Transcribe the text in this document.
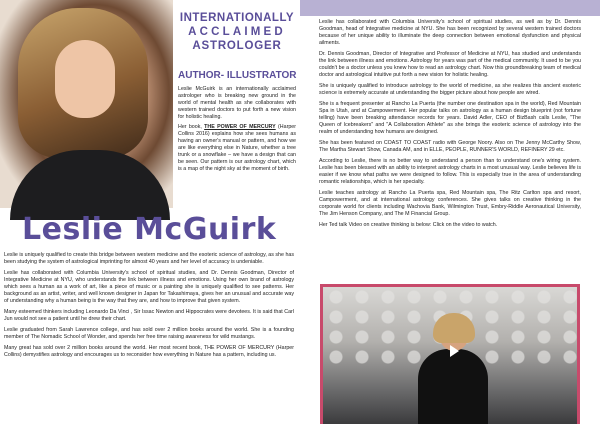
INTERNATIONALLY
ACCLAIMED
ASTROLOGER
AUTHOR- ILLUSTRATOR

Leslie McGuirk is an internationally acclaimed astrologer who is breaking new ground in the world of mental health as she collaborates with western trained doctors to put forth a new vision for holistic healing.

Her book, THE POWER OF MERCURY (Harper Collins 2016) explains how she sees humans as having an owner's manual or pattern, and how we are like everything else in Nature, whether a tree trunk or a snowflake – we have a design that can be seen. Our pattern is our astrology chart, which is a map of the night sky at the moment of birth.

Leslie McGuirk

Leslie is uniquely qualified to create this bridge between western medicine and the esoteric science of astrology, as she has been studying the system of astrological imprinting for almost 40 years and her level of accuracy is undeniable.

Leslie has collaborated with Columbia University's school of spiritual studies, and Dr. Dennis Goodman, Director of Integrative Medicine at NYU, who understands the link between illness and emotions. Using her own brand of astrology which sees a human as a work of art, like a piece of music or a painting she is uniquely qualified to see patterns. Her background as an artist, writer, and well known designer in Japan for Takashimaya, gives her an unusual and accurate way of understanding why a human being is the way that they are, and how to improve that given system.

Many esteemed thinkers including Leonardo Da Vinci , Sir Issac Newton and Hippocrates were devotees. It is said that Carl Jun would not see a patient until he drew their chart.

Leslie graduated from Sarah Lawrence college, and has sold over 2 million books around the world. She is a founding member of The Nomadic School of Wonder, and spends her free time raising awareness for wild mustangs.

Many great has sold over 2 million books around the world. Her most recent book, THE POWER OF MERCURY (Harper Collins) demystifies astrology and encourages us to reconsider how everything in Nature has a pattern, including us.

Leslie has collaborated with Columbia University's school of spiritual studies, as well as by Dr. Dennis Goodman, head of Integrative medicine at NYU. She has been recognized by several western trained doctors because of her unique ability to illuminate the deep connection between emotional dysfunction and physical ailments.

Dr. Dennis Goodman, Director of Integrative and Professor of Medicine at NYU, has studied and understands the link between illness and emotions. Astrology for years was part of the medical community. It used to be you couldn't be a doctor unless you knew how to read an astrology chart. Now this groundbreaking team of medical doctor and astrological intuitive put forth a new vision for holistic healing.

She is uniquely qualified to introduce astrology to the world of medicine, as she realizes this ancient esoteric science is extremely accurate at understanding the bigger picture about how people are wired.

She is a frequent presenter at Rancho La Puerta (the number one destination spa in the world), Red Mountain Spa in Utah, and at Campowerment. Her popular talks on astrology as a human design blueprint (not fortune telling) have been breaking attendance records for years. David Adler, CEO of BizBash calls Leslie, "The Queen of Icebreakers" and "A Collaboration Athlete" as she brings the esoteric science of astrology into the realm of understanding how humans are designed.

She has been featured on COAST TO COAST radio with George Noory. Also on The Jenny McCarthy Show, The Martha Stewart Show, Canada AM, and in ELLE, PEOPLE, RUNNER'S WORLD, REFINERY 29 etc.

According to Leslie, there is no better way to understand a person than to understand one's wiring system. Leslie has been blessed with an ability to interpret astrology charts in a most unusual way. Leslie believes life is easier if we know what paths we were designed to follow. This is especially true in the area of understanding romantic relationships, which is her specialty.

Leslie teaches astrology at Rancho La Puerta spa, Red Mountain spa, The Ritz Carlton spa and resort, Campowerment, and at international astrology conferences. She gives talks on creative thinking in the corporate world for clients including Wachovia Bank, Wilmington Trust, Embry-Riddle Aeronautical University, The Jim Henson Company, and The M Financial Group.

Her Ted talk Video on creative thinking is below: Click on the video to watch.
